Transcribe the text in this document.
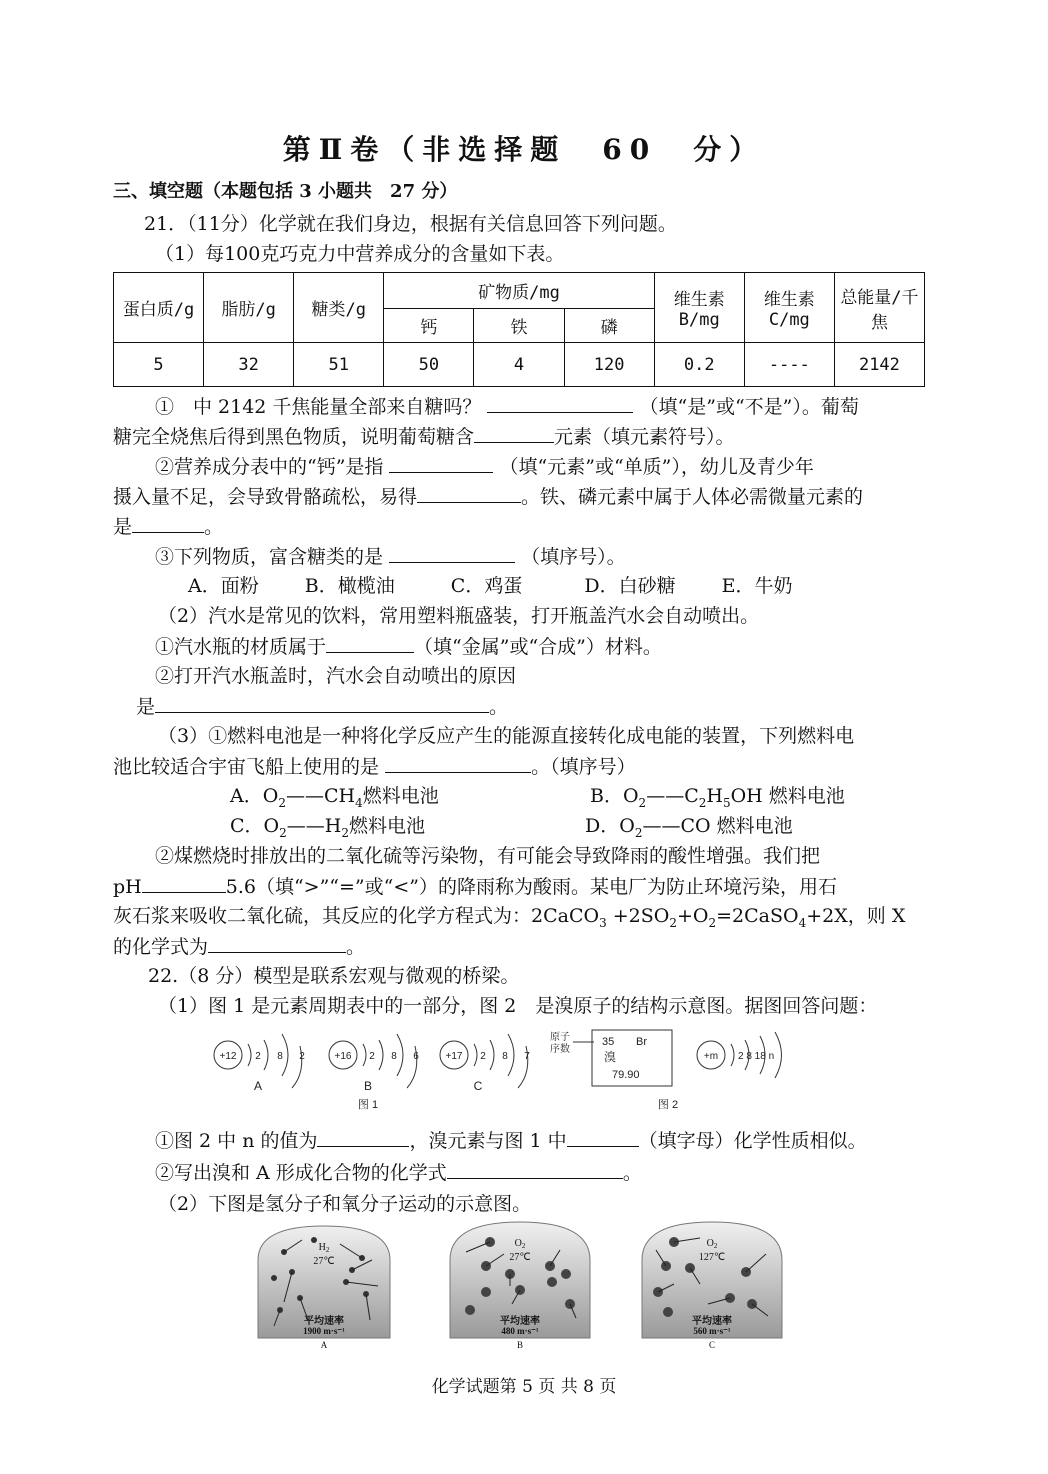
第Ⅱ卷（非选择题　60　分）
三、填空题（本题包括 3 小题共　27 分）
21．（11分）化学就在我们身边，根据有关信息回答下列问题。
（1）每100克巧克力中营养成分的含量如下表。
蛋白质/g	脂肪/g	糖类/g	矿物质/mg			维生素B/mg	维生素C/mg	总能量/千焦
			钙	铁	磷			
5	32	51	50	4	120	0.2	----	2142
①　中 2142 千焦能量全部来自糖吗？	（填“是”或“不是”）。葡萄
糖完全烧焦后得到黑色物质，说明葡萄糖含	元素（填元素符号）。
②营养成分表中的“钙”是指	（填“元素”或“单质”），幼儿及青少年
摄入量不足，会导致骨骼疏松，易得	。铁、磷元素中属于人体必需微量元素的
是	。
③下列物质，富含糖类的是	（填序号）。
A．面粉 B．橄榄油	C．鸡蛋	D．白砂糖 E．牛奶
（2）汽水是常见的饮料，常用塑料瓶盛装，打开瓶盖汽水会自动喷出。
①汽水瓶的材质属于	（填“金属”或“合成”）材料。
②打开汽水瓶盖时，汽水会自动喷出的原因
是	。
（3）①燃料电池是一种将化学反应产生的能源直接转化成电能的装置，下列燃料电
池比较适合宇宙飞船上使用的是	。（填序号）
A．$O_2——CH_4$燃料电池	B．$O_2——C_2H_5OH$ 燃料电池
C．$O_2——H_2$燃料电池	D．$O_2——CO$ 燃料电池
②煤燃烧时排放出的二氧化硫等污染物，有可能会导致降雨的酸性增强。我们把
pH	5.6（填“>”“=”或“<”）的降雨称为酸雨。某电厂为防止环境污染，用石
灰石浆来吸收二氧化硫，其反应的化学方程式为：2CaCO$_3$ $+2SO_2+O_2=2CaSO_4+2X$，则 X
的化学式为	。
22.（8 分）模型是联系宏观与微观的桥梁。
（1）图 1 是元素周期表中的一部分，图 2　是溴原子的结构示意图。据图回答问题：
+12 2 8 2
A
+16 2 8 6
B
+17 2 8 7
C
图 1
原子
序数
35 Br
溴
79.90
+m 2 8 18 n
图 2
①图 2 中 n 的值为	，溴元素与图 1 中	（填字母）化学性质相似。
②写出溴和 A 形成化合物的化学式	。
（2）下图是氢分子和氧分子运动的示意图。
$H_2$
27℃
平均速率
1900 m·s⁻¹
A
$O_2$
27℃
平均速率
480 m·s⁻¹
B
$O_2$
127℃
平均速率
560 m·s⁻¹
C
化学试题第 5 页 共 8 页
